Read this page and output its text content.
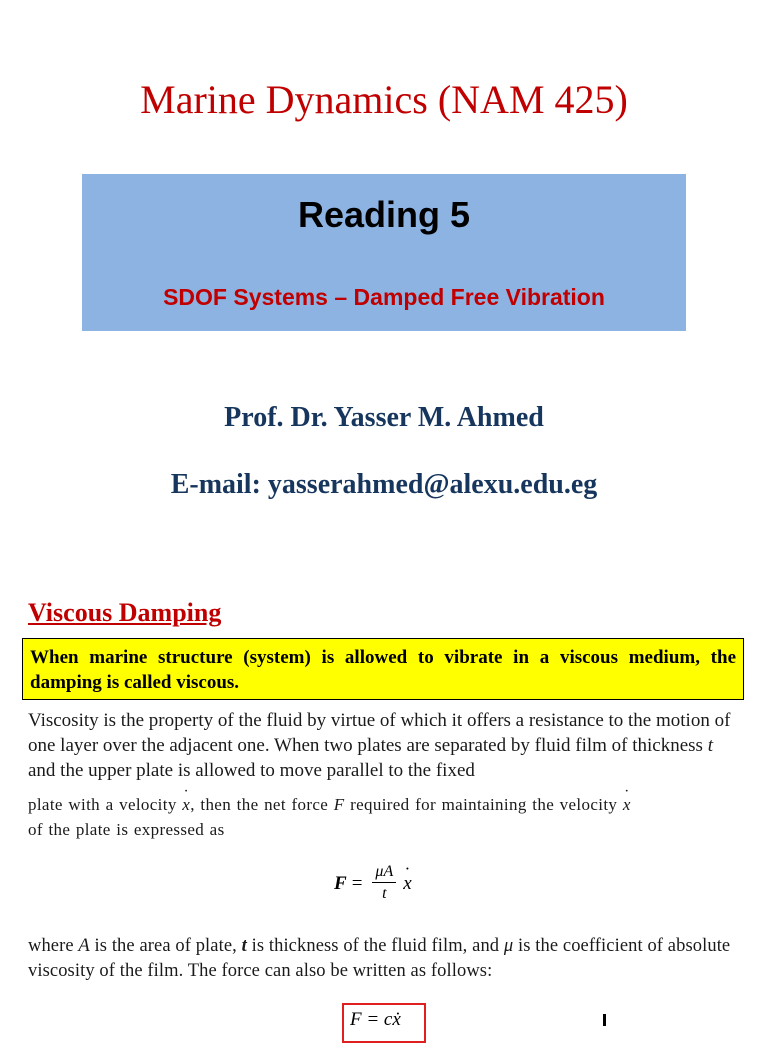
Marine Dynamics (NAM 425)
Reading 5
SDOF Systems – Damped Free Vibration
Prof. Dr. Yasser M. Ahmed
E-mail: yasserahmed@alexu.edu.eg
Viscous Damping
When marine structure (system) is allowed to vibrate in a viscous medium, the damping is called viscous.
Viscosity is the property of the fluid by virtue of which it offers a resistance to the motion of one layer over the adjacent one. When two plates are separated by fluid film of thickness t and the upper plate is allowed to move parallel to the fixed
plate with a velocity ˙ x, then the net force F required for maintaining the velocity ˙ x
of the plate is expressed as
$F = \frac{\mu A}{t}$
˙ x
where A is the area of plate, t is thickness of the fluid film, and μ is the coefficient of absolute viscosity of the film. The force can also be written as follows:
F = cẋ
